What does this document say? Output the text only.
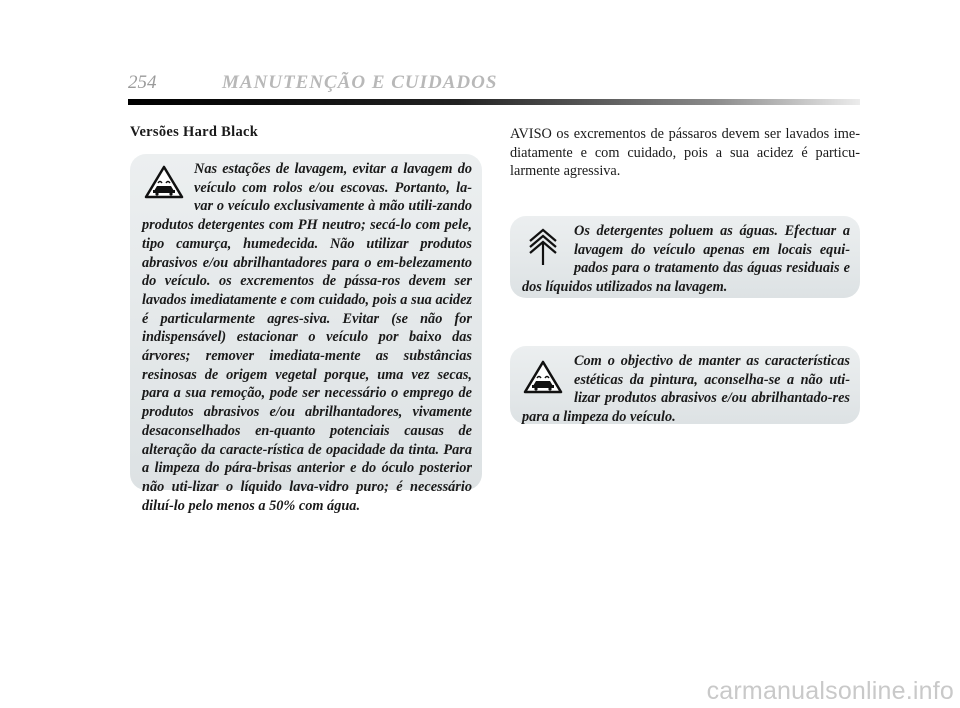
254	MANUTENÇÃO E CUIDADOS
Versões Hard Black
Nas estações de lavagem, evitar a lavagem do veículo com rolos e/ou escovas. Portanto, la-var o veículo exclusivamente à mão utili-zando produtos detergentes com PH neutro; secá-lo com pele, tipo camurça, humedecida. Não utilizar produtos abrasivos e/ou abrilhantadores para o em-belezamento do veículo. os excrementos de pássa-ros devem ser lavados imediatamente e com cuidado, pois a sua acidez é particularmente agres-siva. Evitar (se não for indispensável) estacionar o veículo por baixo das árvores; remover imediata-mente as substâncias resinosas de origem vegetal porque, uma vez secas, para a sua remoção, pode ser necessário o emprego de produtos abrasivos e/ou abrilhantadores, vivamente desaconselhados en-quanto potenciais causas de alteração da caracte-rística de opacidade da tinta. Para a limpeza do pára-brisas anterior e do óculo posterior não uti-lizar o líquido lava-vidro puro; é necessário diluí-lo pelo menos a 50% com água.
AVISO os excrementos de pássaros devem ser lavados ime-diatamente e com cuidado, pois a sua acidez é particu-larmente agressiva.
Os detergentes poluem as águas. Efectuar a lavagem do veículo apenas em locais equi-pados para o tratamento das águas residuais e dos líquidos utilizados na lavagem.
Com o objectivo de manter as características estéticas da pintura, aconselha-se a não uti-lizar produtos abrasivos e/ou abrilhantado-res para a limpeza do veículo.
carmanualsonline.info
